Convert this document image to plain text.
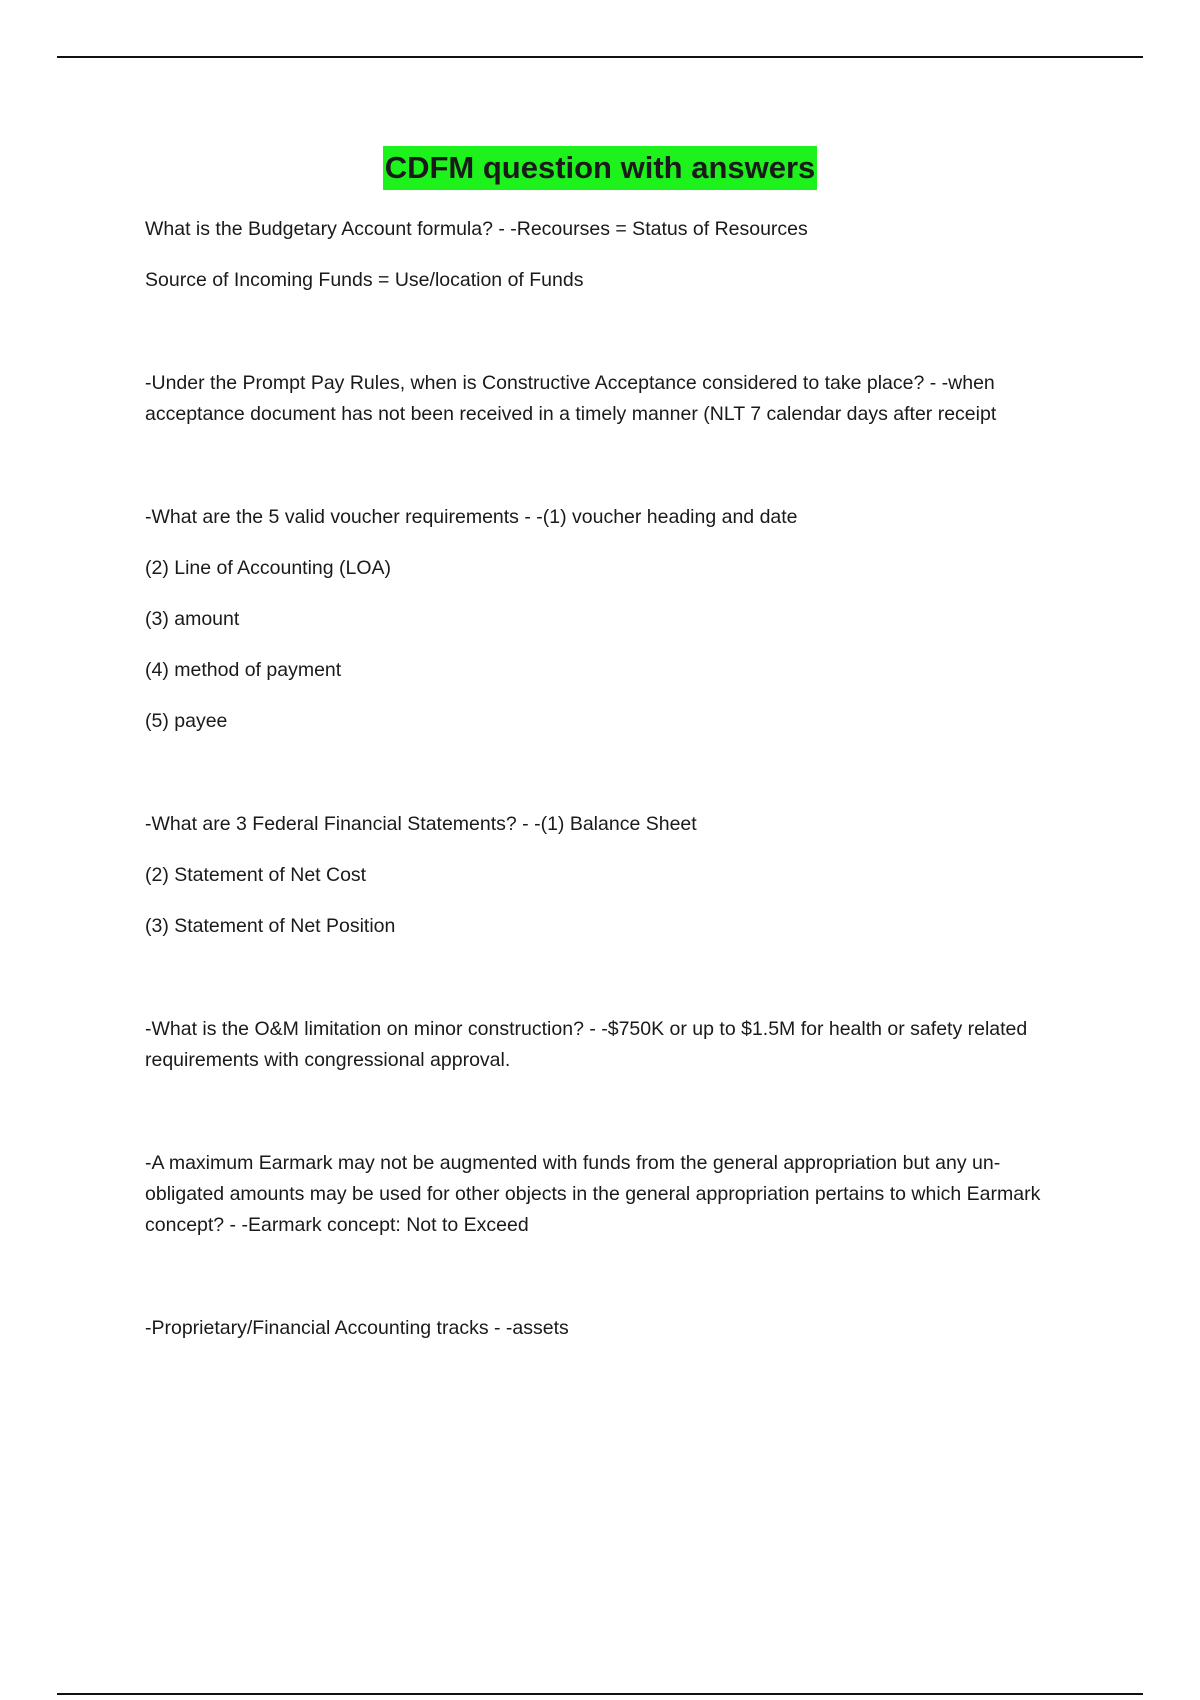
CDFM question with answers

What is the Budgetary Account formula? - -Recourses = Status of Resources

Source of Incoming Funds = Use/location of Funds

-Under the Prompt Pay Rules, when is Constructive Acceptance considered to take place? - -when acceptance document has not been received in a timely manner (NLT 7 calendar days after receipt

-What are the 5 valid voucher requirements - -(1) voucher heading and date

(2) Line of Accounting (LOA)

(3) amount

(4) method of payment

(5) payee

-What are 3 Federal Financial Statements? - -(1) Balance Sheet

(2) Statement of Net Cost

(3) Statement of Net Position

-What is the O&M limitation on minor construction? - -$750K or up to $1.5M for health or safety related requirements with congressional approval.

-A maximum Earmark may not be augmented with funds from the general appropriation but any un-obligated amounts may be used for other objects in the general appropriation pertains to which Earmark concept? - -Earmark concept: Not to Exceed

-Proprietary/Financial Accounting tracks - -assets
